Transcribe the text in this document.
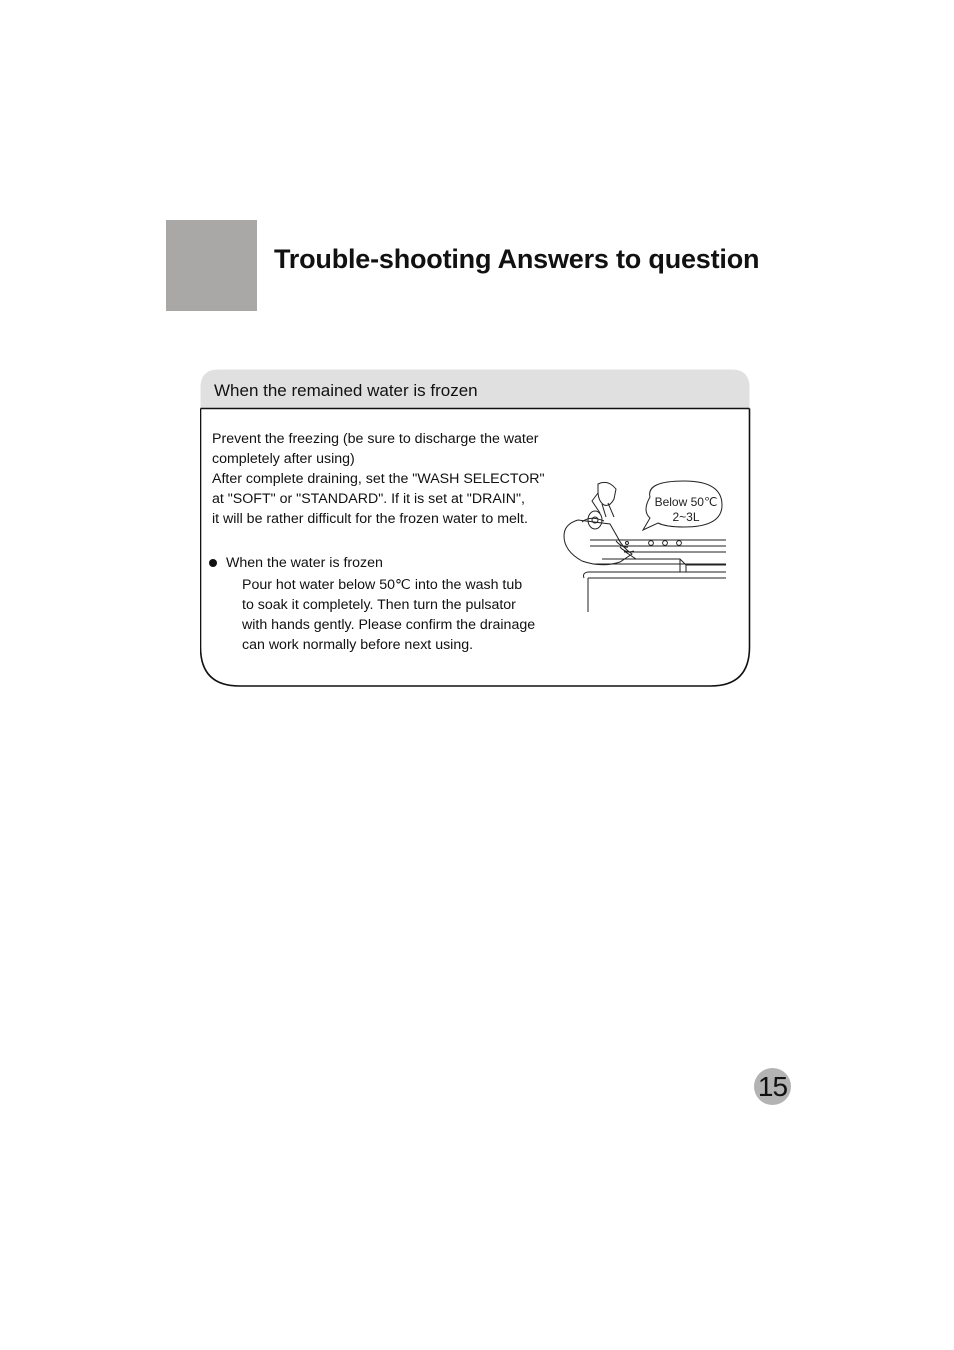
Trouble-shooting Answers to question
When the remained water is frozen

Prevent the freezing (be sure to discharge the water

completely after using)

After complete draining, set the "WASH SELECTOR"

at "SOFT" or "STANDARD". If it is set at "DRAIN",

it will be rather difficult for the frozen water to melt.

When the water is frozen

Pour hot water below 50℃ into the wash tub

to soak it completely. Then turn the pulsator

with hands gently. Please confirm the drainage

can work normally before next using.

Below 50℃
2~3L
15
